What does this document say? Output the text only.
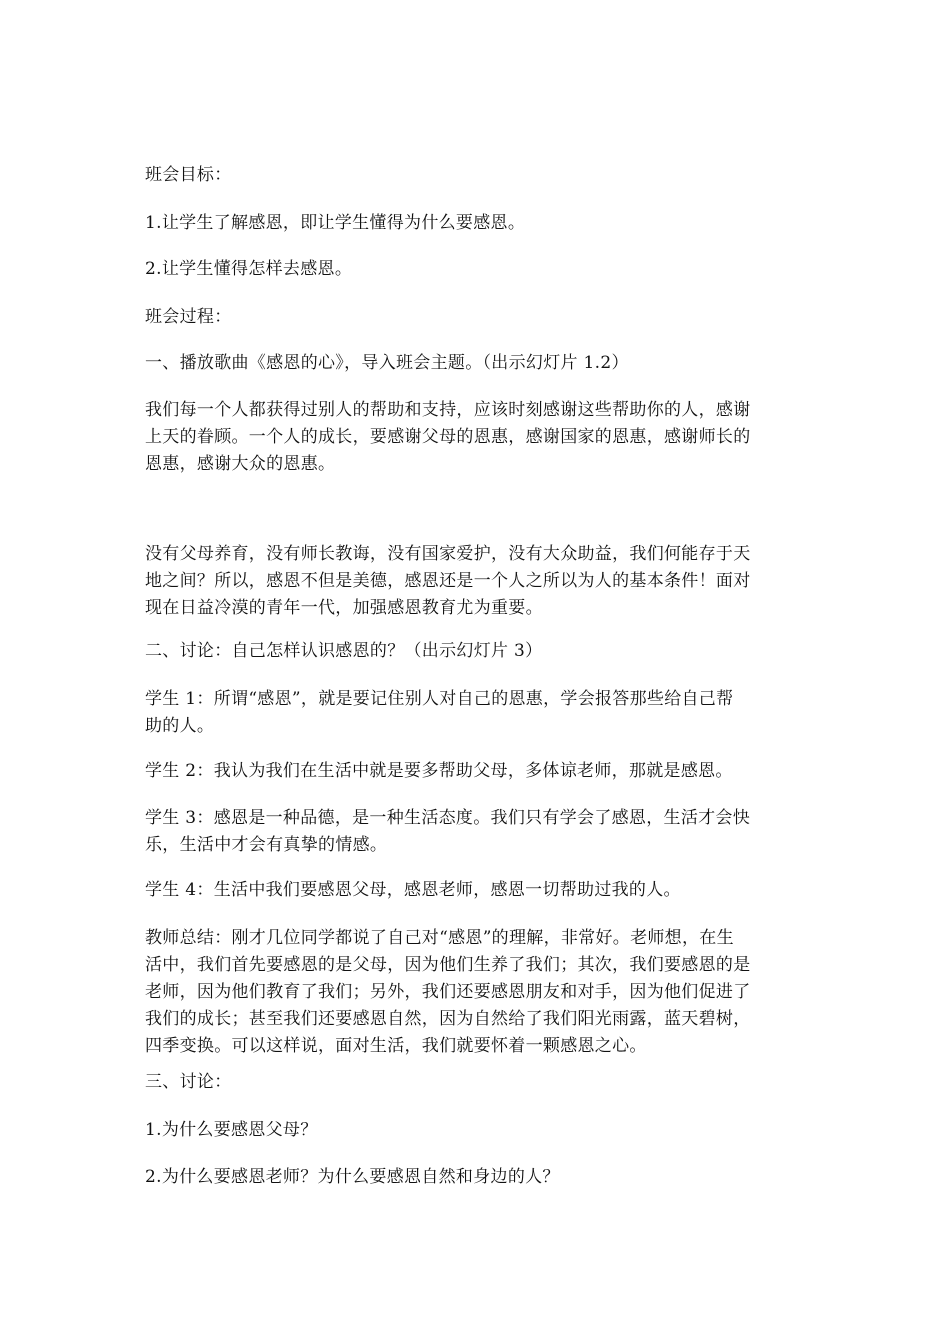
班会目标：

1.让学生了解感恩，即让学生懂得为什么要感恩。

2.让学生懂得怎样去感恩。

班会过程：

一、播放歌曲《感恩的心》，导入班会主题。（出示幻灯片 1.2）

我们每一个人都获得过别人的帮助和支持，应该时刻感谢这些帮助你的人，感谢
上天的眷顾。一个人的成长，要感谢父母的恩惠，感谢国家的恩惠，感谢师长的
恩惠，感谢大众的恩惠。

没有父母养育，没有师长教诲，没有国家爱护，没有大众助益，我们何能存于天
地之间？所以，感恩不但是美德，感恩还是一个人之所以为人的基本条件！面对
现在日益冷漠的青年一代，加强感恩教育尤为重要。

二、讨论：自己怎样认识感恩的？（出示幻灯片 3）

学生 1：所谓“感恩”，就是要记住别人对自己的恩惠，学会报答那些给自己帮
助的人。

学生 2：我认为我们在生活中就是要多帮助父母，多体谅老师，那就是感恩。

学生 3：感恩是一种品德，是一种生活态度。我们只有学会了感恩，生活才会快
乐，生活中才会有真挚的情感。

学生 4：生活中我们要感恩父母，感恩老师，感恩一切帮助过我的人。

教师总结：刚才几位同学都说了自己对“感恩”的理解，非常好。老师想，在生
活中，我们首先要感恩的是父母，因为他们生养了我们；其次，我们要感恩的是
老师，因为他们教育了我们；另外，我们还要感恩朋友和对手，因为他们促进了
我们的成长；甚至我们还要感恩自然，因为自然给了我们阳光雨露，蓝天碧树，
四季变换。可以这样说，面对生活，我们就要怀着一颗感恩之心。

三、讨论：

1.为什么要感恩父母？

2.为什么要感恩老师？为什么要感恩自然和身边的人？
